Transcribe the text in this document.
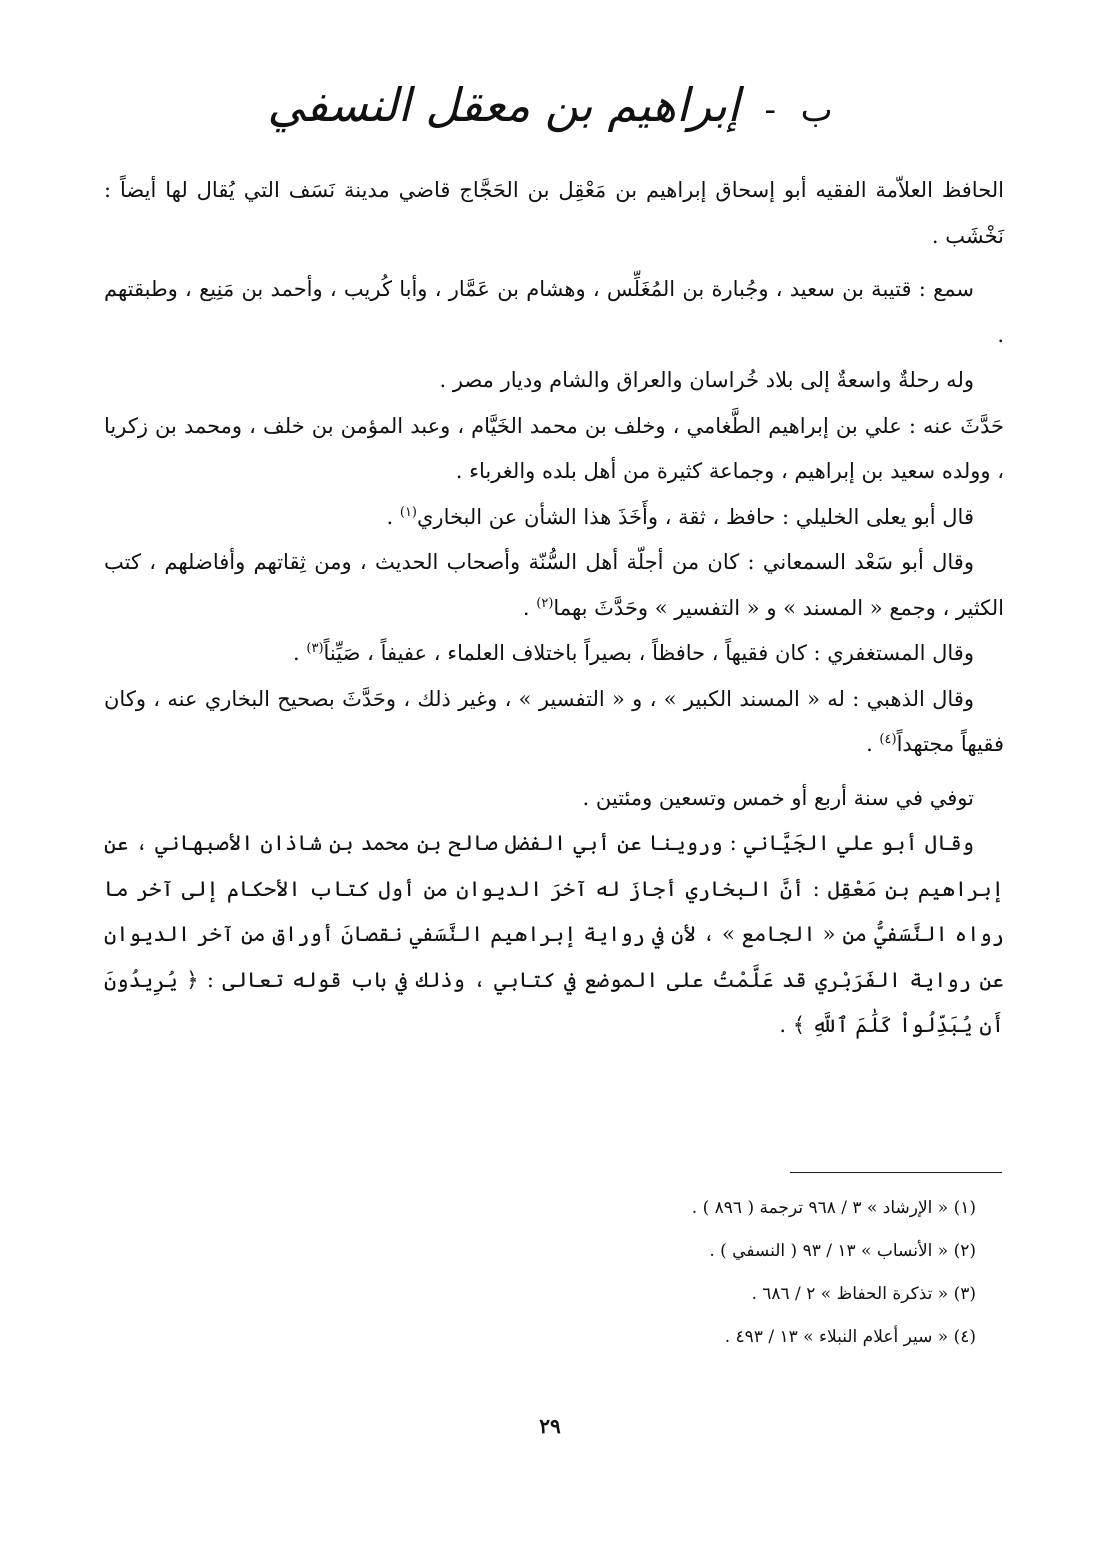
ب - إبراهيم بن معقل النسفي

الحافظ العلاّمة الفقيه أبو إسحاق إبراهيم بن مَعْقِل بن الحَجَّاج قاضي مدينة نَسَف التي يُقال لها أيضاً : نَخْشَب .

سمع : قتيبة بن سعيد ، وجُبارة بن المُغَلِّس ، وهشام بن عَمَّار ، وأبا كُريب ، وأحمد بن مَنِيع ، وطبقتهم .

وله رحلةٌ واسعةٌ إلى بلاد خُراسان والعراق والشام وديار مصر .

حَدَّثَ عنه : علي بن إبراهيم الطَّغامي ، وخلف بن محمد الخَيَّام ، وعبد المؤمن بن خلف ، ومحمد بن زكريا ، وولده سعيد بن إبراهيم ، وجماعة كثيرة من أهل بلده والغرباء .

قال أبو يعلى الخليلي : حافظ ، ثقة ، وأَخَذَ هذا الشأن عن البخاري$^{(١)}$ .

وقال أبو سَعْد السمعاني : كان من أجلّة أهل السُّنّة وأصحاب الحديث ، ومن ثِقاتهم وأفاضلهم ، كتب الكثير ، وجمع « المسند » و « التفسير » وحَدَّثَ بهما$^{(٢)}$ .

وقال المستغفري : كان فقيهاً ، حافظاً ، بصيراً باختلاف العلماء ، عفيفاً ، صَيِّناً$^{(٣)}$ .

وقال الذهبي : له « المسند الكبير » ، و « التفسير » ، وغير ذلك ، وحَدَّثَ بصحيح البخاري عنه ، وكان فقيهاً مجتهداً$^{(٤)}$ .

توفي في سنة أربع أو خمس وتسعين ومئتين .

وقال أبو علي الجَيَّاني : وروينا عن أبي الفضل صالح بن محمد بن شاذان الأصبهاني ، عن إبراهيم بن مَعْقِل : أنَّ البخاري أجازَ له آخرَ الديوان من أول كتاب الأحكام إلى آخر ما رواه النَّسَفيُّ من « الجامع » ، لأن في رواية إبراهيم النَّسَفي نقصانَ أوراق من آخر الديوان عن رواية الفَرَبْري قد عَلَّمْتُ على الموضع في كتابي ، وذلك في باب قوله تعالى : ﴿ يُرِيدُونَ أَن يُبَدِّلُواْ كَلَٰمَ ٱللَّهِ ﴾ .

(١) « الإرشاد » ٣ / ٩٦٨ ترجمة ( ٨٩٦ ) .
(٢) « الأنساب » ١٣ / ٩٣ ( النسفي ) .
(٣) « تذكرة الحفاظ » ٢ / ٦٨٦ .
(٤) « سير أعلام النبلاء » ١٣ / ٤٩٣ .
٢٩
